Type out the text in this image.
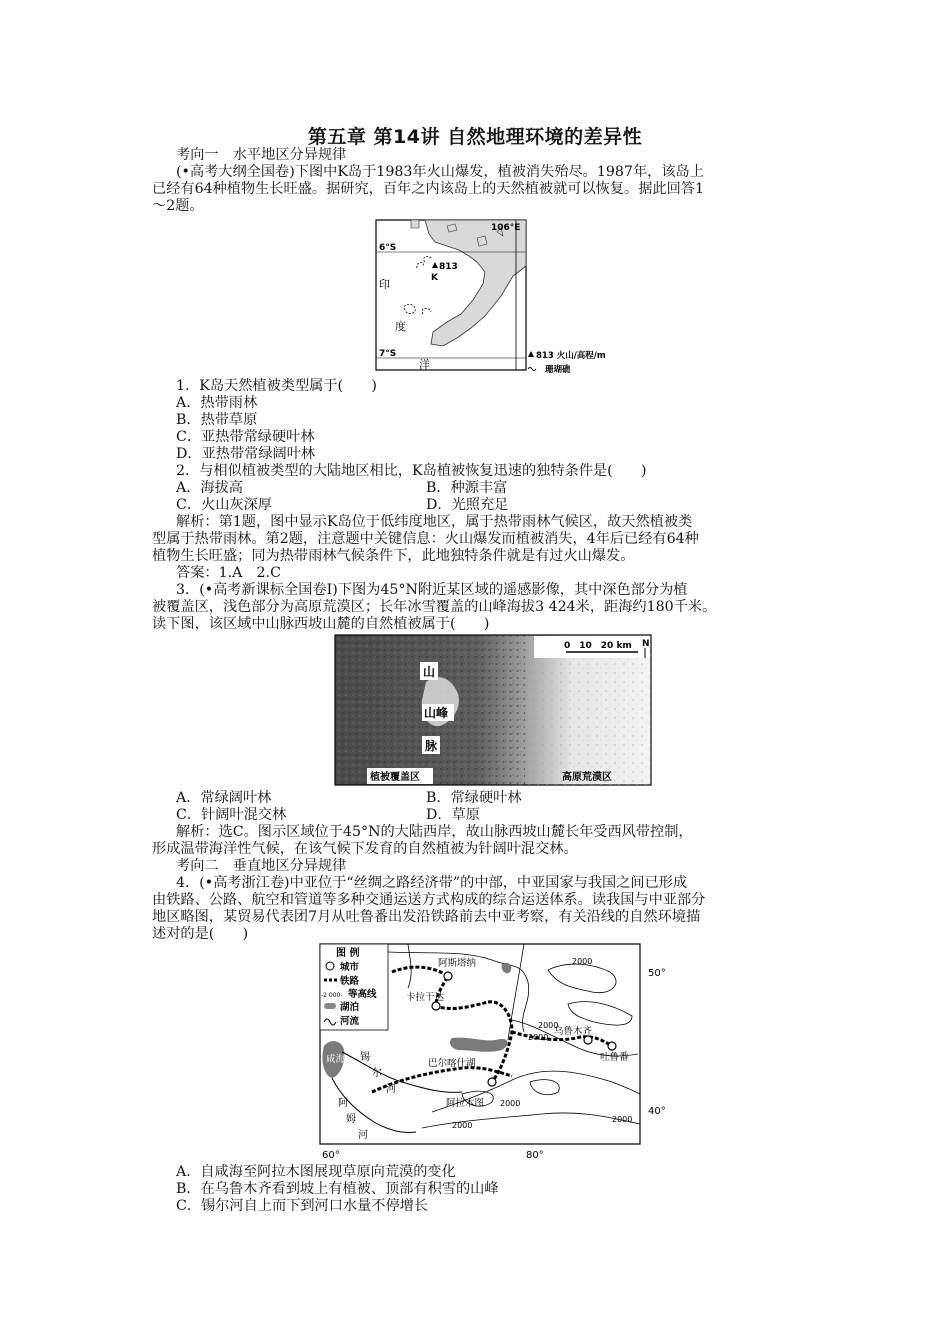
第五章 第14讲 自然地理环境的差异性
考向一　水平地区分异规律
(•高考大纲全国卷)下图中K岛于1983年火山爆发，植被消失殆尽。1987年，该岛上
已经有64种植物生长旺盛。据研究，百年之内该岛上的天然植被就可以恢复。据此回答1
～2题。
813
K
6°S
7°S
106°E
印
度
洋
813 火山/高程/m
珊瑚礁
1．K岛天然植被类型属于(　　)
A．热带雨林
B．热带草原
C．亚热带常绿硬叶林
D．亚热带常绿阔叶林
2．与相似植被类型的大陆地区相比，K岛植被恢复迅速的独特条件是(　　)
A．海拔高	B．种源丰富
C．火山灰深厚	D．光照充足
解析：第1题，图中显示K岛位于低纬度地区，属于热带雨林气候区，故天然植被类
型属于热带雨林。第2题，注意题中关键信息：火山爆发而植被消失，4年后已经有64种
植物生长旺盛；同为热带雨林气候条件下，此地独特条件就是有过火山爆发。
答案：1.A　2.C
3．(•高考新课标全国卷Ⅰ)下图为45°N附近某区域的遥感影像，其中深色部分为植
被覆盖区，浅色部分为高原荒漠区；长年冰雪覆盖的山峰海拔3 424米，距海约180千米。
读下图，该区域中山脉西坡山麓的自然植被属于(　　)
0　10　20 km N
山
山峰
脉
植被覆盖区	高原荒漠区
A．常绿阔叶林	B．常绿硬叶林
C．针阔叶混交林	D．草原
解析：选C。图示区域位于45°N的大陆西岸，故山脉西坡山麓长年受西风带控制，
形成温带海洋性气候，在该气候下发育的自然植被为针阔叶混交林。
考向二　垂直地区分异规律
4．(•高考浙江卷)中亚位于“丝绸之路经济带”的中部，中亚国家与我国之间已形成
由铁路、公路、航空和管道等多种交通运送方式构成的综合运送体系。读我国与中亚部分
地区略图，某贸易代表团7月从吐鲁番出发沿铁路前去中亚考察，有关沿线的自然环境描
述对的是(　　)
图 例
城市
铁路
-2 000- 等高线
湖泊
河流
阿斯塔纳
卡拉干达
阿拉木图
乌鲁木齐
吐鲁番
咸海	巴尔喀什湖
锡
尔
河
阿
姆
河
2000
2000
2000
2000
2000
2000
50°
40°
60°	80°
A．自咸海至阿拉木图展现草原向荒漠的变化
B．在乌鲁木齐看到坡上有植被、顶部有积雪的山峰
C．锡尔河自上而下到河口水量不停增长
